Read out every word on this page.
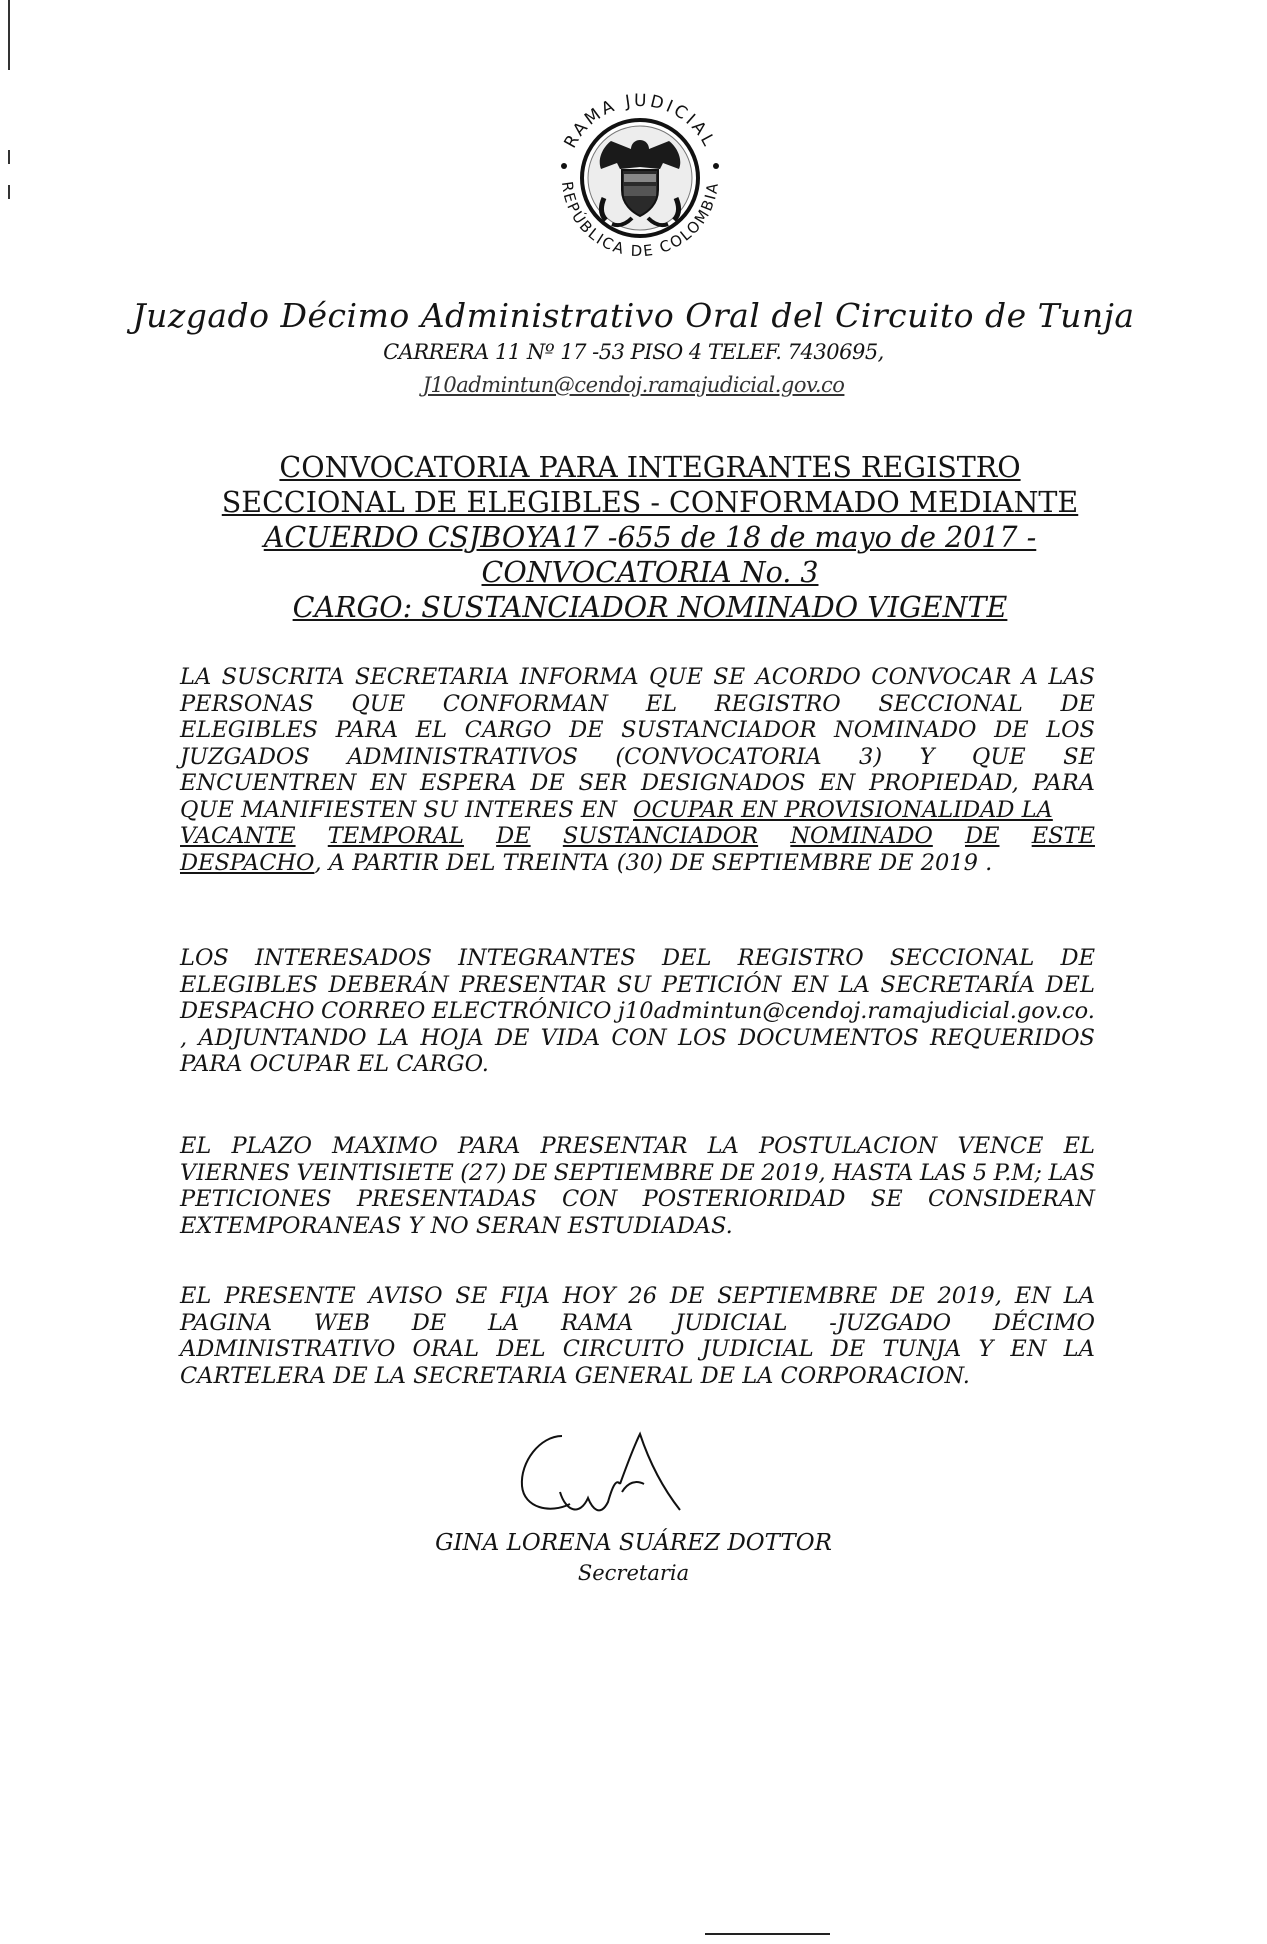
RAMA JUDICIAL
REPÚBLICA DE COLOMBIA
Juzgado Décimo Administrativo Oral del Circuito de Tunja
CARRERA 11 Nº 17 -53 PISO 4 TELEF. 7430695,
J10admintun@cendoj.ramajudicial.gov.co
CONVOCATORIA PARA INTEGRANTES REGISTRO
SECCIONAL DE ELEGIBLES - CONFORMADO MEDIANTE
ACUERDO CSJBOYA17 -655 de 18 de mayo de 2017 -
CONVOCATORIA No. 3
CARGO: SUSTANCIADOR NOMINADO VIGENTE
LA SUSCRITA SECRETARIA INFORMA QUE SE ACORDO CONVOCAR A LAS
PERSONAS QUE CONFORMAN EL REGISTRO SECCIONAL DE
ELEGIBLES PARA EL CARGO DE SUSTANCIADOR NOMINADO DE LOS
JUZGADOS ADMINISTRATIVOS (CONVOCATORIA 3) Y QUE SE
ENCUENTREN EN ESPERA DE SER DESIGNADOS EN PROPIEDAD, PARA
QUE MANIFIESTEN SU INTERES EN OCUPAR EN PROVISIONALIDAD LA
VACANTE TEMPORAL DE SUSTANCIADOR NOMINADO DE ESTE
DESPACHO , A PARTIR DEL TREINTA (30) DE SEPTIEMBRE DE 2019 .
LOS INTERESADOS INTEGRANTES DEL REGISTRO SECCIONAL DE
ELEGIBLES DEBERÁN PRESENTAR SU PETICIÓN EN LA SECRETARÍA DEL
DESPACHO CORREO ELECTRÓNICO j10admintun@cendoj.ramajudicial.gov.co.
, ADJUNTANDO LA HOJA DE VIDA CON LOS DOCUMENTOS REQUERIDOS
PARA OCUPAR EL CARGO.
EL PLAZO MAXIMO PARA PRESENTAR LA POSTULACION VENCE EL
VIERNES VEINTISIETE (27) DE SEPTIEMBRE DE 2019, HASTA LAS 5 P.M; LAS
PETICIONES PRESENTADAS CON POSTERIORIDAD SE CONSIDERAN
EXTEMPORANEAS Y NO SERAN ESTUDIADAS.
EL PRESENTE AVISO SE FIJA HOY 26 DE SEPTIEMBRE DE 2019, EN LA
PAGINA WEB DE LA RAMA JUDICIAL -JUZGADO DÉCIMO
ADMINISTRATIVO ORAL DEL CIRCUITO JUDICIAL DE TUNJA Y EN LA
CARTELERA DE LA SECRETARIA GENERAL DE LA CORPORACION.
GINA LORENA SUÁREZ DOTTOR
Secretaria
